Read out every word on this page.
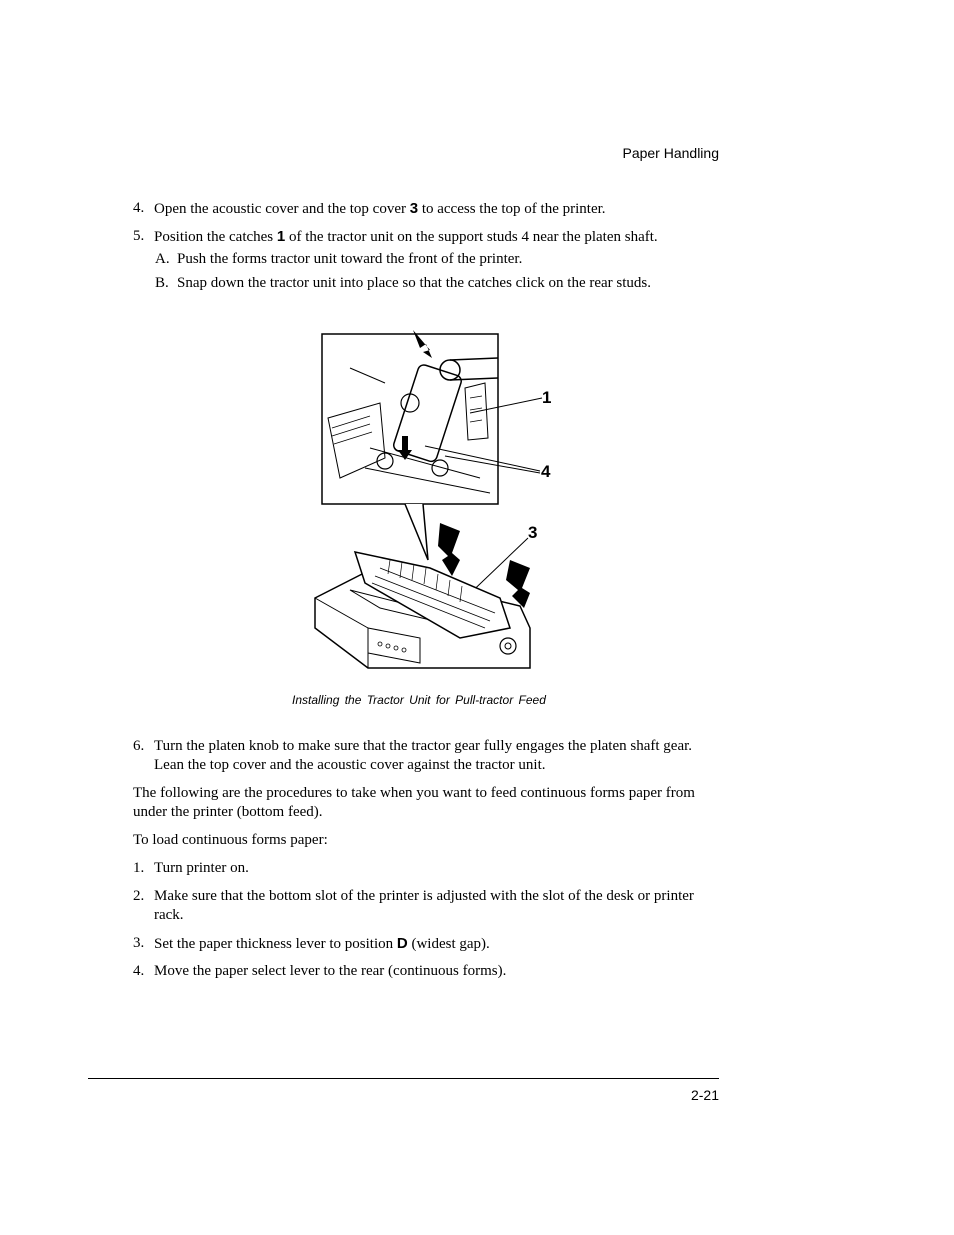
Paper Handling
4. Open the acoustic cover and the top cover 3 to access the top of the printer.
5. Position the catches 1 of the tractor unit on the support studs 4 near the platen shaft.
A. Push the forms tractor unit toward the front of the printer.
B. Snap down the tractor unit into place so that the catches click on the rear studs.
1
4
3
Installing the Tractor Unit for Pull-tractor Feed
6. Turn the platen knob to make sure that the tractor gear fully engages the platen shaft gear. Lean the top cover and the acoustic cover against the tractor unit.
The following are the procedures to take when you want to feed continuous forms paper from under the printer (bottom feed).
To load continuous forms paper:
1. Turn printer on.
2. Make sure that the bottom slot of the printer is adjusted with the slot of the desk or printer rack.
3. Set the paper thickness lever to position D (widest gap).
4. Move the paper select lever to the rear (continuous forms).
2-21
